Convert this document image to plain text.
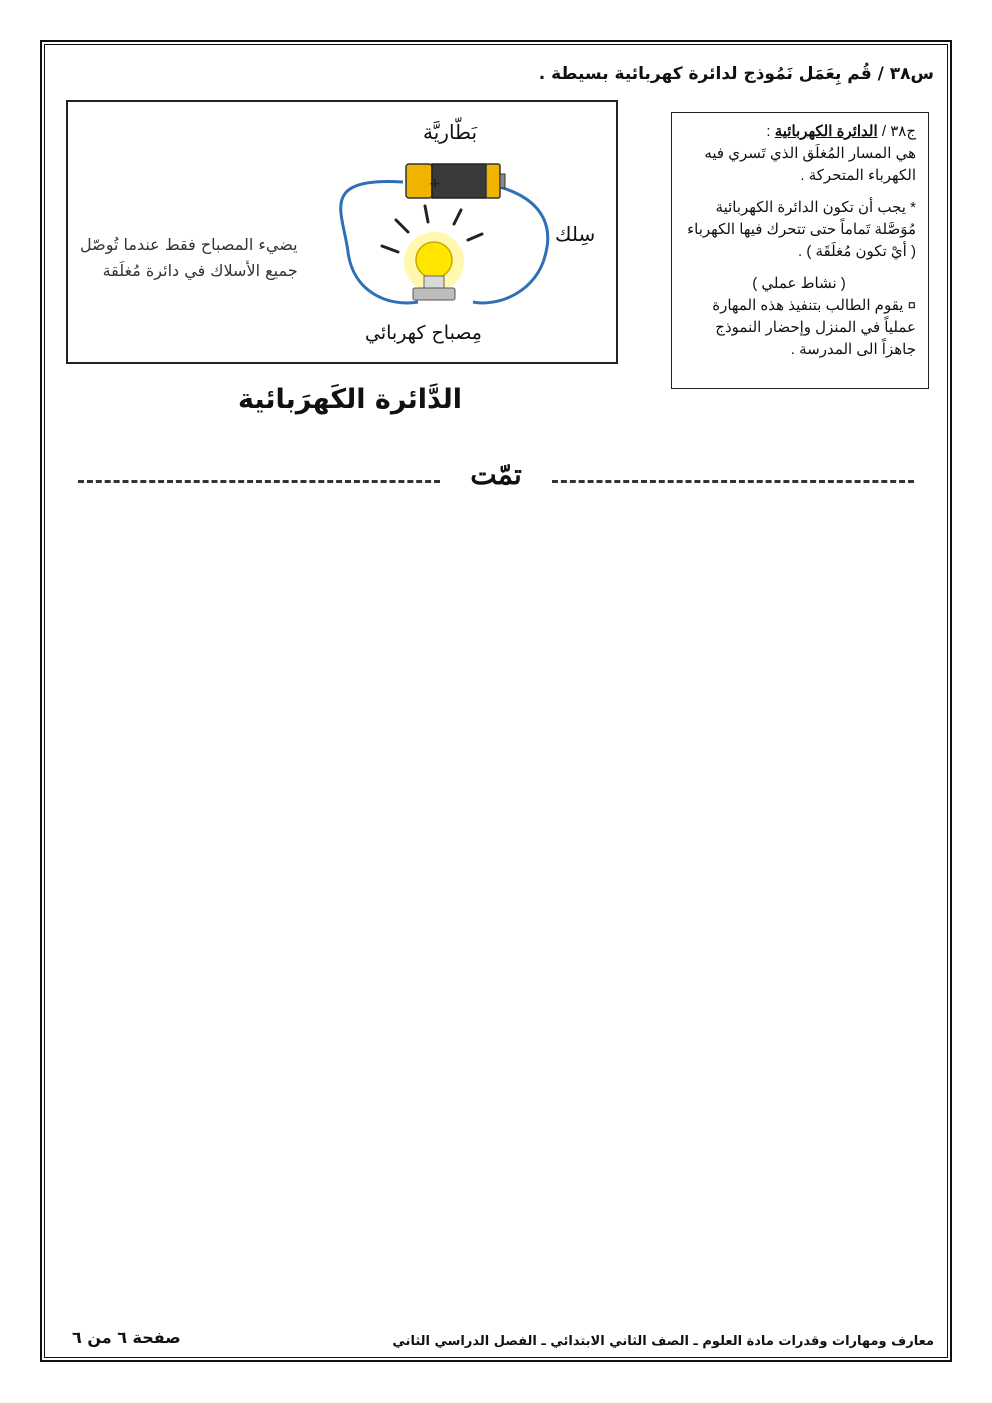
س٣٨ / قُم بِعَمَل نَمُوذج لدائرة كهربائية بسيطة .
+
بَطّاريَّة
سِلك
مِصباح كهربائي
يضيء المصباح فقط عندما تُوصّل
جميع الأسلاك في دائرة مُغلَقة

ج٣٨ / الدائرة الكهربائية :
هي المسار المُغلَق الذي تَسري فيه الكهرباء المتحركة .

* يجب أن تكون الدائرة الكهربائية مُوَصَّلة تَماماً حتى تتحرك فيها الكهرباء ( أيْ تكون مُغلَقَة ) .

( نشاط عملي )
¤ يقوم الطالب بتنفيذ هذه المهارة عملياً في المنزل وإحضار النموذج جاهزاً الى المدرسة .

الدَّائرة الكَهرَبائية
تمّت
صفحة ٦ من ٦	معارف ومهارات وقدرات مادة العلوم ـ الصف الثاني الابتدائي ـ الفصل الدراسي الثاني
